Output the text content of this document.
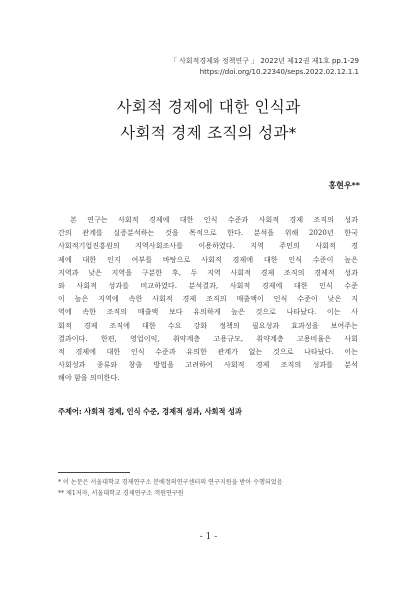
「 사회적경제와 정책연구 」 2022년 제12권 제1호 pp.1-29
https://doi.org/10.22340/seps.2022.02.12.1.1
사회적 경제에 대한 인식과
사회적 경제 조직의 성과*
홍현우**
본 연구는 사회적 경제에 대한 인식 수준과 사회적 경제 조직의 성과
간의 관계를 실증분석하는 것을 목적으로 한다. 분석을 위해 2020년 한국
사회적기업진흥원의 지역사회조사를 이용하였다. 지역 주민의 사회적 경
제에 대한 인지 여부를 바탕으로 사회적 경제에 대한 인식 수준이 높은
지역과 낮은 지역을 구분한 후, 두 지역 사회적 경제 조직의 경제적 성과
와 사회적 성과를 비교하였다. 분석결과, 사회적 경제에 대한 인식 수준
이 높은 지역에 속한 사회적 경제 조직의 매출액이 인식 수준이 낮은 지
역에 속한 조직의 매출액 보다 유의하게 높은 것으로 나타났다. 이는 사
회적 경제 조직에 대한 수요 강화 정책의 필요성과 효과성을 보여주는
결과이다. 한편, 영업이익, 취약계층 고용규모, 취약계층 고용비율은 사회
적 경제에 대한 인식 수준과 유의한 관계가 없는 것으로 나타났다. 이는
사회성과 종류와 창출 방법을 고려하여 사회적 경제 조직의 성과를 분석
해야 함을 의미한다.
주제어: 사회적 경제, 인식 수준, 경제적 성과, 사회적 성과
* 이 논문은 서울대학교 경제연구소 분배정의연구센터의 연구지원을 받아 수행되었음
** 제1저자, 서울대학교 경제연구소 객원연구원
- 1 -
